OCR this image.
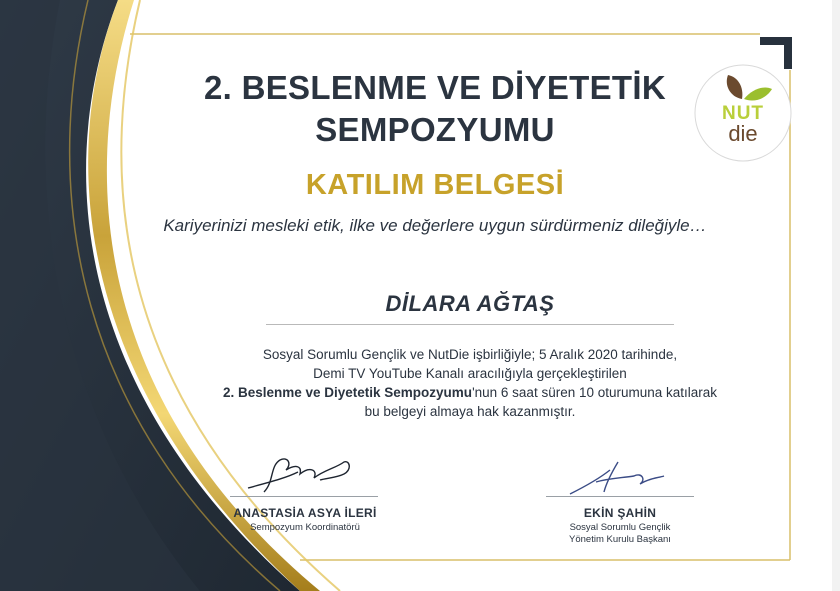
2. BESLENME VE DİYETETİK
SEMPOZYUMU
KATILIM BELGESİ
Kariyerinizi mesleki etik, ilke ve değerlere uygun sürdürmeniz dileğiyle…
DİLARA AĞTAŞ
Sosyal Sorumlu Gençlik ve NutDie işbirliğiyle; 5 Aralık 2020 tarihinde,
Demi TV YouTube Kanalı aracılığıyla gerçekleştirilen
2. Beslenme ve Diyetetik Sempozyumu'nun 6 saat süren 10 oturumuna katılarak
bu belgeyi almaya hak kazanmıştır.
NUT
die
ANASTASİA ASYA İLERİ
Sempozyum Koordinatörü
EKİN ŞAHİN
Sosyal Sorumlu Gençlik
Yönetim Kurulu Başkanı
